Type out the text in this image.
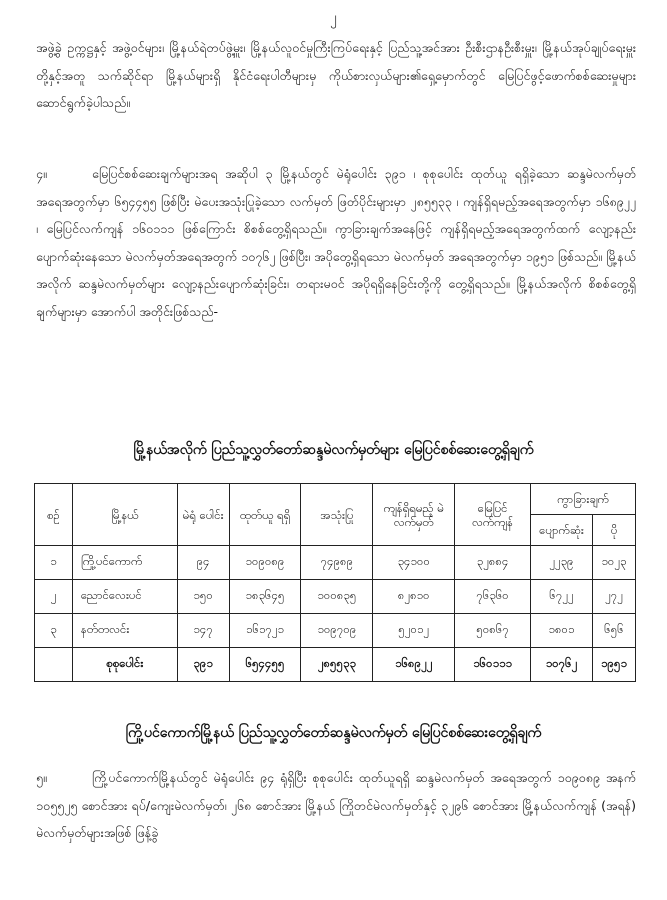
၂

အဖွဲ့ခွဲ ဥက္ကဋ္ဌနှင့် အဖွဲ့ဝင်များ၊ မြို့နယ်ရဲတပ်ဖွဲ့မှူး၊ မြို့နယ်လူဝင်မှုကြီးကြပ်ရေးနှင့် ပြည်သူ့အင်အား ဦးစီးဌာနဦးစီးမှူး၊ မြို့နယ်အုပ်ချုပ်ရေးမှူးတို့နှင့်အတူ သက်ဆိုင်ရာ မြို့နယ်များရှိ နိုင်ငံရေးပါတီများမှ ကိုယ်စားလှယ်များ၏ရှေ့မှောက်တွင် မြေပြင်ဖွင့်ဖောက်စစ်ဆေးမှုများ ဆောင်ရွက်ခဲ့ပါသည်။

၄။	မြေပြင်စစ်ဆေးချက်များအရ အဆိုပါ ၃ မြို့နယ်တွင် မဲရုံပေါင်း ၃၉၁ ၊ စုစုပေါင်း ထုတ်ယူ ရရှိခဲ့သော ဆန္ဒမဲလက်မှတ်အရေအတွက်မှာ ၆၅၄၄၅၅ ဖြစ်ပြီး မဲပေးအသုံးပြုခဲ့သော လက်မှတ် ဖြတ်ပိုင်းများမှာ ၂၈၅၅၃၃ ၊ ကျန်ရှိရမည့်အရေအတွက်မှာ ၁၆၈၉၂၂ ၊ မြေပြင်လက်ကျန် ၁၆၀၁၁၁ ဖြစ်ကြောင်း စိစစ်တွေ့ရှိရသည်။ ကွာခြားချက်အနေဖြင့် ကျန်ရှိရမည့်အရေအတွက်ထက် လျော့နည်း ပျောက်ဆုံးနေသော မဲလက်မှတ်အရေအတွက် ၁၀၇၆၂ ဖြစ်ပြီး၊ အပိုတွေ့ရှိရသော မဲလက်မှတ် အရေအတွက်မှာ ၁၉၅၁ ဖြစ်သည်။ မြို့နယ်အလိုက် ဆန္ဒမဲလက်မှတ်များ လျော့နည်းပျောက်ဆုံးခြင်း၊ တရားမဝင် အပိုရရှိနေခြင်းတို့ကို တွေ့ရှိရသည်။ မြို့နယ်အလိုက် စိစစ်တွေ့ရှိချက်များမှာ အောက်ပါ အတိုင်းဖြစ်သည်-

မြို့နယ်အလိုက် ပြည်သူ့လွှတ်တော်ဆန္ဒမဲလက်မှတ်များ မြေပြင်စစ်ဆေးတွေ့ရှိချက်

စဉ်	မြို့နယ်	မဲရုံ ပေါင်း	ထုတ်ယူ ရရှိ	အသုံးပြု	ကျန်ရှိရမည့် မဲလက်မှတ်	မြေပြင် လက်ကျန်	ကွာခြားချက်	
							ပျောက်ဆုံး	ပို
၁	ကြို့ပင်ကောက်	၉၄	၁၀၉၀၈၉	၇၄၉၈၉	၃၄၁၀၀	၃၂၈၈၄	၂၂၃၉	၁၀၂၃
၂	ညောင်လေးပင်	၁၅၀	၁၈၃၆၄၅	၁၀၀၈၃၅	၈၂၈၁၀	၇၆၃၆၀	၆၇၂၂	၂၇၂
၃	နတ်တလင်း	၁၄၇	၁၆၁၇၂၁	၁၀၉၇၀၉	၅၂၀၁၂	၅၀၈၆၇	၁၈၀၁	၆၅၆
	စုစုပေါင်း	၃၉၁	၆၅၄၄၅၅	၂၈၅၅၃၃	၁၆၈၉၂၂	၁၆၀၁၁၁	၁၀၇၆၂	၁၉၅၁

ကြို့ပင်ကောက်မြို့နယ် ပြည်သူ့လွှတ်တော်ဆန္ဒမဲလက်မှတ် မြေပြင်စစ်ဆေးတွေ့ရှိချက်

၅။	ကြို့ပင်ကောက်မြို့နယ်တွင် မဲရုံပေါင်း ၉၄ ရုံရှိပြီး စုစုပေါင်း ထုတ်ယူရရှိ ဆန္ဒမဲလက်မှတ် အရေအတွက် ၁၀၉၀၈၉ အနက် ၁၀၅၅၂၅ စောင်အား ရပ်/ကျေးမဲလက်မှတ်၊ ၂၆၈ စောင်အား မြို့နယ် ကြိုတင်မဲလက်မှတ်နှင့် ၃၂၉၆ စောင်အား မြို့နယ်လက်ကျန် (အရန်) မဲလက်မှတ်များအဖြစ် ဖြန့်ခွဲ
